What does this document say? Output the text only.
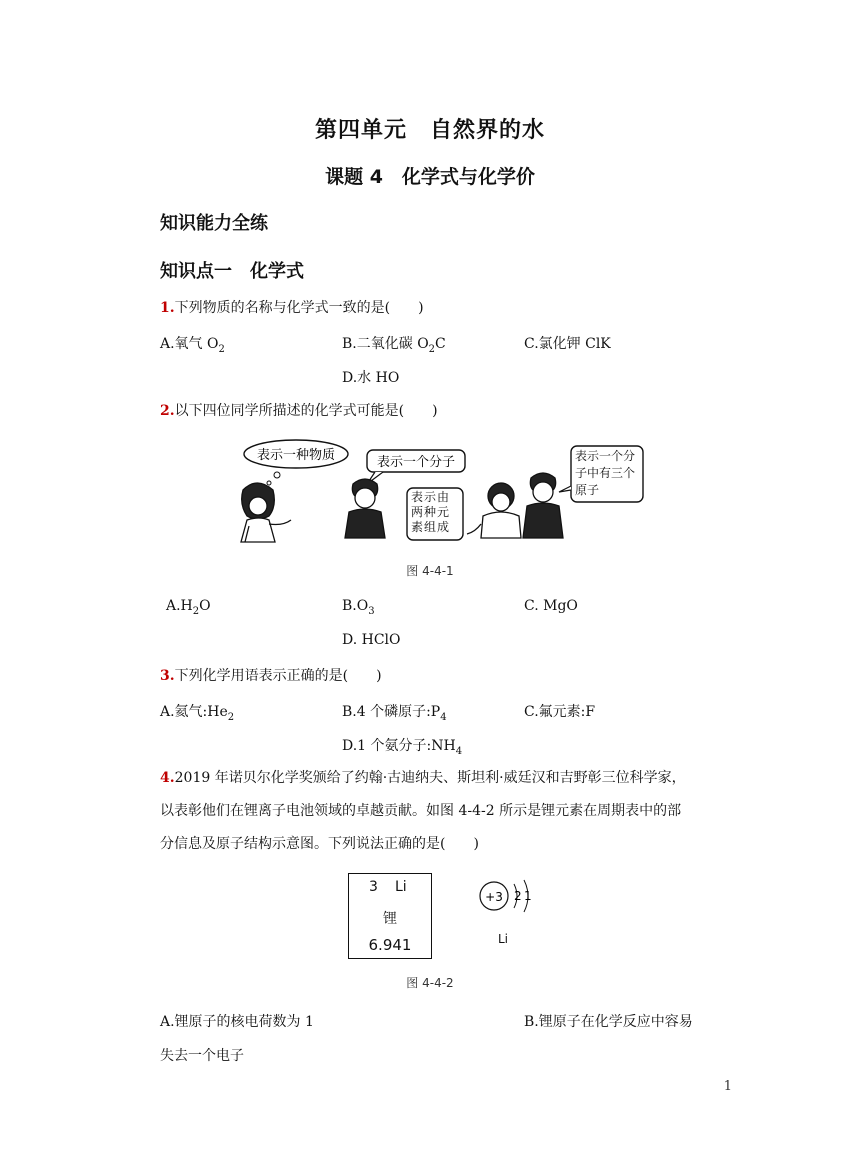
第四单元　自然界的水
课题 4　化学式与化学价
知识能力全练
知识点一　化学式
1.下列物质的名称与化学式一致的是(　　)
A.氧气 $O_2$	B.二氧化碳 $O_2C$	C.氯化钾 ClK
D.水 HO
2.以下四位同学所描述的化学式可能是(　　)
表示一种物质	表示一个分子
表示由两种元素组成
表示一个分子中有三个原子
图 4-4-1
$A.H_2O$	$B.O_3$	C. MgO
D. HClO
3.下列化学用语表示正确的是(　　)
A.氦气$:He_2$	B.4 个磷原子$:P_4$	C.氟元素:F
D.1 个氨分子$:NH_4$
4.2019 年诺贝尔化学奖颁给了约翰·古迪纳夫、斯坦利·威廷汉和吉野彰三位科学家，
以表彰他们在锂离子电池领域的卓越贡献。如图 4-4-2 所示是锂元素在周期表中的部
分信息及原子结构示意图。下列说法正确的是(　　)
3 Li
锂
6.941
+3 2 1
Li
图 4-4-2
A.锂原子的核电荷数为 1	B.锂原子在化学反应中容易
失去一个电子
1
